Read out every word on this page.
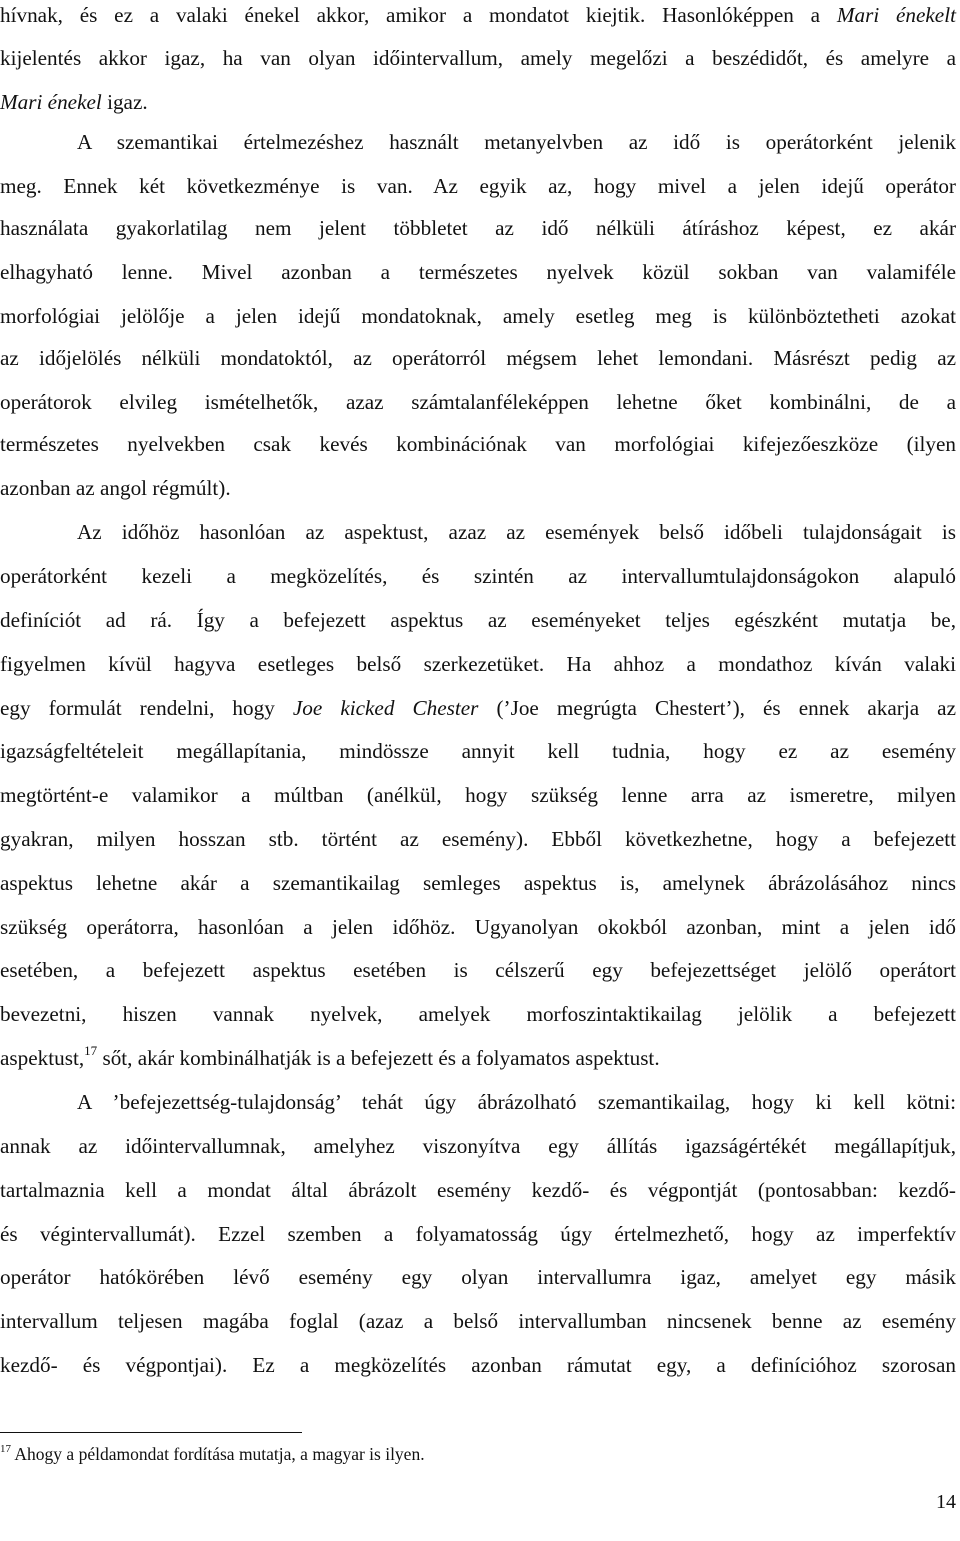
hívnak, és ez a valaki énekel akkor, amikor a mondatot kiejtik. Hasonlóképpen a Mari énekelt
kijelentés akkor igaz, ha van olyan időintervallum, amely megelőzi a beszédidőt, és amelyre a
Mari énekel igaz.
A szemantikai értelmezéshez használt metanyelvben az idő is operátorként jelenik
meg. Ennek két következménye is van. Az egyik az, hogy mivel a jelen idejű operátor
használata gyakorlatilag nem jelent többletet az idő nélküli átíráshoz képest, ez akár
elhagyható lenne. Mivel azonban a természetes nyelvek közül sokban van valamiféle
morfológiai jelölője a jelen idejű mondatoknak, amely esetleg meg is különböztetheti azokat
az időjelölés nélküli mondatoktól, az operátorról mégsem lehet lemondani. Másrészt pedig az
operátorok elvileg ismételhetők, azaz számtalanféleképpen lehetne őket kombinálni, de a
természetes nyelvekben csak kevés kombinációnak van morfológiai kifejezőeszköze (ilyen
azonban az angol régmúlt).
Az időhöz hasonlóan az aspektust, azaz az események belső időbeli tulajdonságait is
operátorként kezeli a megközelítés, és szintén az intervallumtulajdonságokon alapuló
definíciót ad rá. Így a befejezett aspektus az eseményeket teljes egészként mutatja be,
figyelmen kívül hagyva esetleges belső szerkezetüket. Ha ahhoz a mondathoz kíván valaki
egy formulát rendelni, hogy Joe kicked Chester (’Joe megrúgta Chestert’), és ennek akarja az
igazságfeltételeit megállapítania, mindössze annyit kell tudnia, hogy ez az esemény
megtörtént-e valamikor a múltban (anélkül, hogy szükség lenne arra az ismeretre, milyen
gyakran, milyen hosszan stb. történt az esemény). Ebből következhetne, hogy a befejezett
aspektus lehetne akár a szemantikailag semleges aspektus is, amelynek ábrázolásához nincs
szükség operátorra, hasonlóan a jelen időhöz. Ugyanolyan okokból azonban, mint a jelen idő
esetében, a befejezett aspektus esetében is célszerű egy befejezettséget jelölő operátort
bevezetni, hiszen vannak nyelvek, amelyek morfoszintaktikailag jelölik a befejezett
aspektust,$^{17}$ sőt, akár kombinálhatják is a befejezett és a folyamatos aspektust.
A ’befejezettség-tulajdonság’ tehát úgy ábrázolható szemantikailag, hogy ki kell kötni:
annak az időintervallumnak, amelyhez viszonyítva egy állítás igazságértékét megállapítjuk,
tartalmaznia kell a mondat által ábrázolt esemény kezdő- és végpontját (pontosabban: kezdő-
és végintervallumát). Ezzel szemben a folyamatosság úgy értelmezhető, hogy az imperfektív
operátor hatókörében lévő esemény egy olyan intervallumra igaz, amelyet egy másik
intervallum teljesen magába foglal (azaz a belső intervallumban nincsenek benne az esemény
kezdő- és végpontjai). Ez a megközelítés azonban rámutat egy, a definícióhoz szorosan
$^{17}$ Ahogy a példamondat fordítása mutatja, a magyar is ilyen.
14
